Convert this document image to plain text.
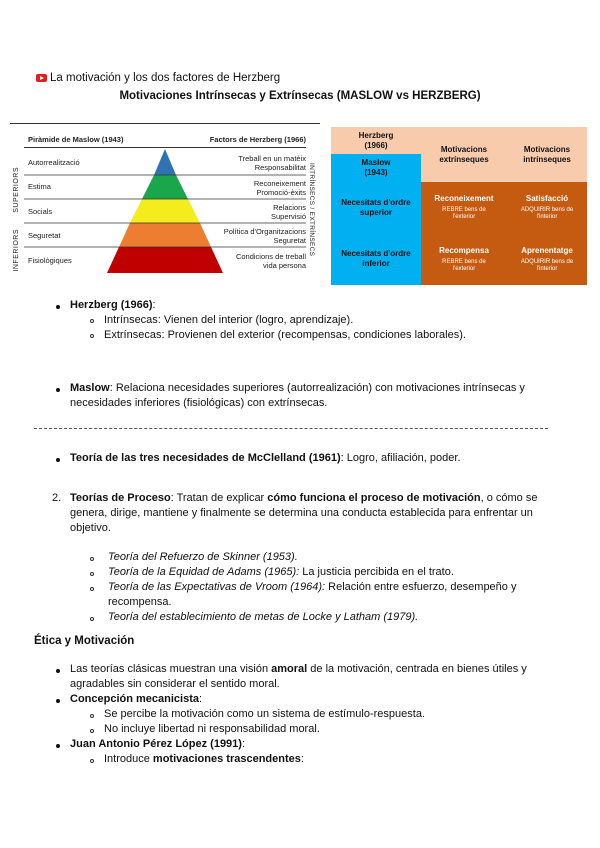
La motivación y los dos factores de Herzberg
Motivaciones Intrínsecas y Extrínsecas (MASLOW vs HERZBERG)
Piràmide de Maslow (1943)	Factors de Herzberg (1966)
SUPERIORS
INFERIORS	INTRÍNSECS / EXTRÍNSECS
Autorrealització
Estima
Socials
Seguretat
Fisiològiques
Treball en un matèix
Responsabilitat
Reconeixement
Promoció-èxits
Relacions
Supervisió
Política d'Organitzacions
Seguretat
Condicions de treball
vida persona
Herzberg
(1966)
Maslow
(1943)
Motivacions
extrínseques
Motivacions
intrínseques
Necesitats d'ordre
superior
Necesitats d'ordre
inferior
Reconeixement
REBRE bens de
l'exterior
Satisfacció
ADQUIRIR bens de
l'interior
Recompensa
REBRE bens de
l'exterior
Aprenentatge
ADQUIRIR bens de
l'interior
Herzberg (1966):
Intrínsecas: Vienen del interior (logro, aprendizaje).
Extrínsecas: Provienen del exterior (recompensas, condiciones laborales).
Maslow: Relaciona necesidades superiores (autorrealización) con motivaciones intrínsecas y necesidades inferiores (fisiológicas) con extrínsecas.
Teoría de las tres necesidades de McClelland (1961): Logro, afiliación, poder.
2. Teorías de Proceso: Tratan de explicar cómo funciona el proceso de motivación, o cómo se genera, dirige, mantiene y finalmente se determina una conducta establecida para enfrentar un objetivo.
Teoría del Refuerzo de Skinner (1953).
Teoría de la Equidad de Adams (1965): La justicia percibida en el trato.
Teoría de las Expectativas de Vroom (1964): Relación entre esfuerzo, desempeño y recompensa.
Teoría del establecimiento de metas de Locke y Latham (1979).
Ética y Motivación
Las teorías clásicas muestran una visión amoral de la motivación, centrada en bienes útiles y agradables sin considerar el sentido moral.
Concepción mecanicista:
Se percibe la motivación como un sistema de estímulo-respuesta.
No incluye libertad ni responsabilidad moral.
Juan Antonio Pérez López (1991):
Introduce motivaciones trascendentes:
